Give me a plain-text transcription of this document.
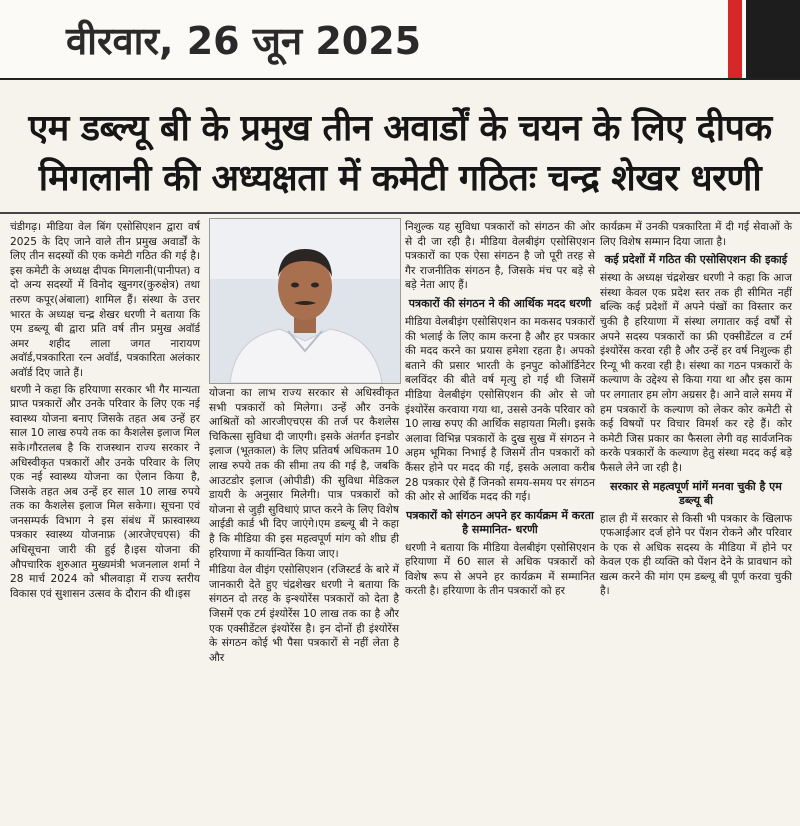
वीरवार, 26 जून 2025
एम डब्ल्यू बी के प्रमुख तीन अवार्डों के चयन के लिए दीपक
मिगलानी की अध्यक्षता में कमेटी गठितः चन्द्र शेखर धरणी

चंडीगढ़। मीडिया वेल बिंग एसोसिएशन द्वारा वर्ष 2025 के दिए जाने वाले तीन प्रमुख अवार्डों के लिए तीन सदस्यों की एक कमेटी गठित की गई है। इस कमेटी के अध्यक्ष दीपक मिगलानी(पानीपत) व दो अन्य सदस्यों में विनोद खुनगर(कुरुक्षेत्र) तथा तरुण कपूर(अंबाला) शामिल हैं। संस्था के उत्तर भारत के अध्यक्ष चन्द्र शेखर धरणी ने बताया कि एम डब्ल्यू बी द्वारा प्रति वर्ष तीन प्रमुख अवॉर्ड अमर शहीद लाला जगत नारायण अवॉर्ड,पत्रकारिता रत्न अवॉर्ड, पत्रकारिता अलंकार अवॉर्ड दिए जाते हैं।

धरणी ने कहा कि हरियाणा सरकार भी गैर मान्यता प्राप्त पत्रकारों और उनके परिवार के लिए एक नई स्वास्थ्य योजना बनाए जिसके तहत अब उन्हें हर साल 10 लाख रुपये तक का कैशलेस इलाज मिल सके।गौरतलब है कि राजस्थान राज्य सरकार ने अधिस्वीकृत पत्रकारों और उनके परिवार के लिए एक नई स्वास्थ्य योजना का ऐलान किया है, जिसके तहत अब उन्हें हर साल 10 लाख रुपये तक का कैशलेस इलाज मिल सकेगा। सूचना एवं जनसम्पर्क विभाग ने इस संबंध में फ्रास्वास्थ्य पत्रकार स्वास्थ्य योजनाफ्र (आरजेएचएस) की अधिसूचना जारी की हुई है।इस योजना की औपचारिक शुरुआत मुख्यमंत्री भजनलाल शर्मा ने 28 मार्च 2024 को भीलवाड़ा में राज्य स्तरीय विकास एवं सुशासन उत्सव के दौरान की थी।इस

योजना का लाभ राज्य सरकार से अधिस्वीकृत सभी पत्रकारों को मिलेगा। उन्हें और उनके आश्रितों को आरजीएचएस की तर्ज पर कैशलेस चिकित्सा सुविधा दी जाएगी। इसके अंतर्गत इनडोर इलाज (भूतकाल) के लिए प्रतिवर्ष अधिकतम 10 लाख रुपये तक की सीमा तय की गई है, जबकि आउटडोर इलाज (ओपीडी) की सुविधा मेडिकल डायरी के अनुसार मिलेगी। पात्र पत्रकारों को योजना से जुड़ी सुविधाएं प्राप्त करने के लिए विशेष आईडी कार्ड भी दिए जाएंगे।एम डब्ल्यू बी ने कहा है कि मीडिया की इस महत्वपूर्ण मांग को शीघ्र ही हरियाणा में कार्यान्वित किया जाए।

मीडिया वेल वीइंग एसोसिएशन (रजिस्टर्ड के बारे में जानकारी देते हुए चंद्रशेखर धरणी ने बताया कि संगठन दो तरह के इन्श्योरेंस पत्रकारों को देता है जिसमें एक टर्म इंश्योरेंस 10 लाख तक का है और एक एक्सीडेंटल इंश्योरेंस है। इन दोनों ही इंश्योरेंस के संगठन कोई भी पैसा पत्रकारों से नहीं लेता है और

निशुल्क यह सुविधा पत्रकारों को संगठन की ओर से दी जा रही है। मीडिया वेलबीइंग एसोसिएशन पत्रकारों का एक ऐसा संगठन है जो पूरी तरह से गैर राजनीतिक संगठन है, जिसके मंच पर बड़े से बड़े नेता आए हैं।

पत्रकारों की संगठन ने की आर्थिक मदद धरणी

मीडिया वेलबीइंग एसोसिएशन का मकसद पत्रकारों की भलाई के लिए काम करना है और हर पत्रकार की मदद करने का प्रयास हमेशा रहता है। अपको बताने की प्रसार भारती के इनपुट कोऑर्डिनेटर बलविंदर की बीते वर्ष मृत्यु हो गई थी जिसमें मीडिया वेलबीइंग एसोसिएशन की ओर से जो इंश्योरेंस करवाया गया था, उससे उनके परिवार को 10 लाख रुपए की आर्थिक सहायता मिली। इसके अलावा विभिन्न पत्रकारों के दुख सुख में संगठन ने अहम भूमिका निभाई है जिसमें तीन पत्रकारों को कैंसर होने पर मदद की गई, इसके अलावा करीब 28 पत्रकार ऐसे हैं जिनको समय-समय पर संगठन की ओर से आर्थिक मदद की गई।

पत्रकारों को संगठन अपने हर कार्यक्रम में करता है सम्मानित- धरणी

धरणी ने बताया कि मीडिया वेलबीइंग एसोसिएशन हरियाणा में 60 साल से अधिक पत्रकारों को विशेष रूप से अपने हर कार्यक्रम में सम्मानित करती है। हरियाणा के तीन पत्रकारों को हर

कार्यक्रम में उनकी पत्रकारिता में दी गई सेवाओं के लिए विशेष सम्मान दिया जाता है।

कई प्रदेशों में गठित की एसोसिएशन की इकाई

संस्था के अध्यक्ष चंद्रशेखर धरणी ने कहा कि आज संस्था केवल एक प्रदेश स्तर तक ही सीमित नहीं बल्कि कई प्रदेशों में अपने पंखों का विस्तार कर चुकी है हरियाणा में संस्था लगातार कई वर्षों से अपने सदस्य पत्रकारों का फ्री एक्सीडेंटल व टर्म इंश्योरेंस करवा रही है और उन्हें हर वर्ष निशुल्क ही रिन्यू भी करवा रही है। संस्था का गठन पत्रकारों के कल्याण के उद्देश्य से किया गया था और इस काम पर लगातार हम लोग अग्रसर है। आने वाले समय में हम पत्रकारों के कल्याण को लेकर कोर कमेटी से कई विषयों पर विचार विमर्श कर रहे हैं। कोर कमेटी जिस प्रकार का फैसला लेगी वह सार्वजनिक करके पत्रकारों के कल्याण हेतु संस्था मदद कई बड़े फैसले लेने जा रही है।

सरकार से महत्वपूर्ण मांगें मनवा चुकी है एम डब्ल्यू बी

हाल ही में सरकार से किसी भी पत्रकार के खिलाफ एफआईआर दर्ज होने पर पेंशन रोकने और परिवार के एक से अधिक सदस्य के मीडिया में होने पर केवल एक ही व्यक्ति को पेंशन देने के प्रावधान को खत्म करने की मांग एम डब्ल्यू बी पूर्ण करवा चुकी है।
